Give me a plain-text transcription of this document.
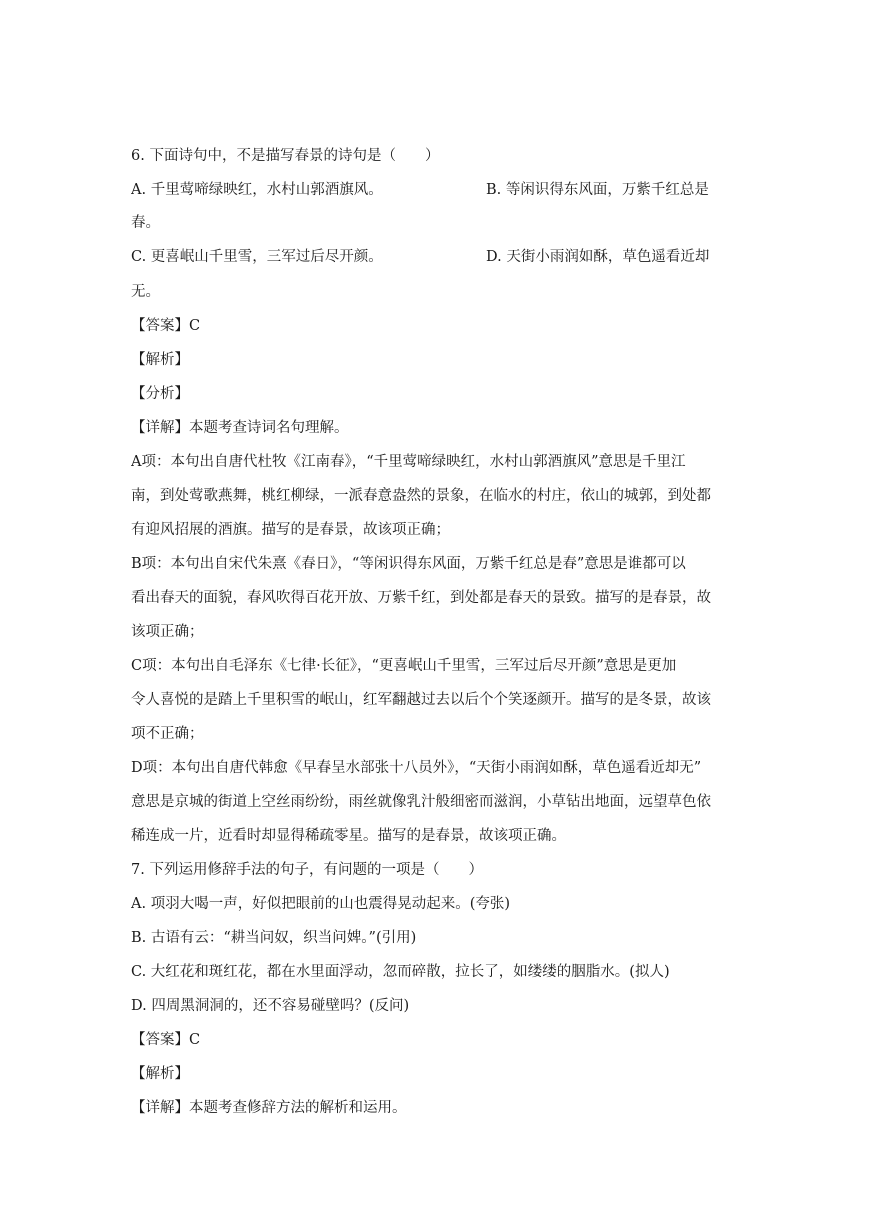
6. 下面诗句中，不是描写春景的诗句是（　　）
A. 千里莺啼绿映红，水村山郭酒旗风。	B. 等闲识得东风面，万紫千红总是
春。
C. 更喜岷山千里雪，三军过后尽开颜。	D. 天街小雨润如酥，草色遥看近却
无。
【答案】C
【解析】
【分析】
【详解】本题考查诗词名句理解。
A项：本句出自唐代杜牧《江南春》，“千里莺啼绿映红，水村山郭酒旗风”意思是千里江
南，到处莺歌燕舞，桃红柳绿，一派春意盎然的景象，在临水的村庄，依山的城郭，到处都
有迎风招展的酒旗。描写的是春景，故该项正确；
B项：本句出自宋代朱熹《春日》，“等闲识得东风面，万紫千红总是春”意思是谁都可以
看出春天的面貌，春风吹得百花开放、万紫千红，到处都是春天的景致。描写的是春景，故
该项正确；
C项：本句出自毛泽东《七律·长征》，“更喜岷山千里雪，三军过后尽开颜”意思是更加
令人喜悦的是踏上千里积雪的岷山，红军翻越过去以后个个笑逐颜开。描写的是冬景，故该
项不正确；
D项：本句出自唐代韩愈《早春呈水部张十八员外》，“天街小雨润如酥，草色遥看近却无”
意思是京城的街道上空丝雨纷纷，雨丝就像乳汁般细密而滋润，小草钻出地面，远望草色依
稀连成一片，近看时却显得稀疏零星。描写的是春景，故该项正确。
7. 下列运用修辞手法的句子，有问题的一项是（　　）
A. 项羽大喝一声，好似把眼前的山也震得晃动起来。(夸张)
B. 古语有云：“耕当问奴，织当问婢。”(引用)
C. 大红花和斑红花，都在水里面浮动，忽而碎散，拉长了，如缕缕的胭脂水。(拟人)
D. 四周黑洞洞的，还不容易碰壁吗？(反问)
【答案】C
【解析】
【详解】本题考查修辞方法的解析和运用。
